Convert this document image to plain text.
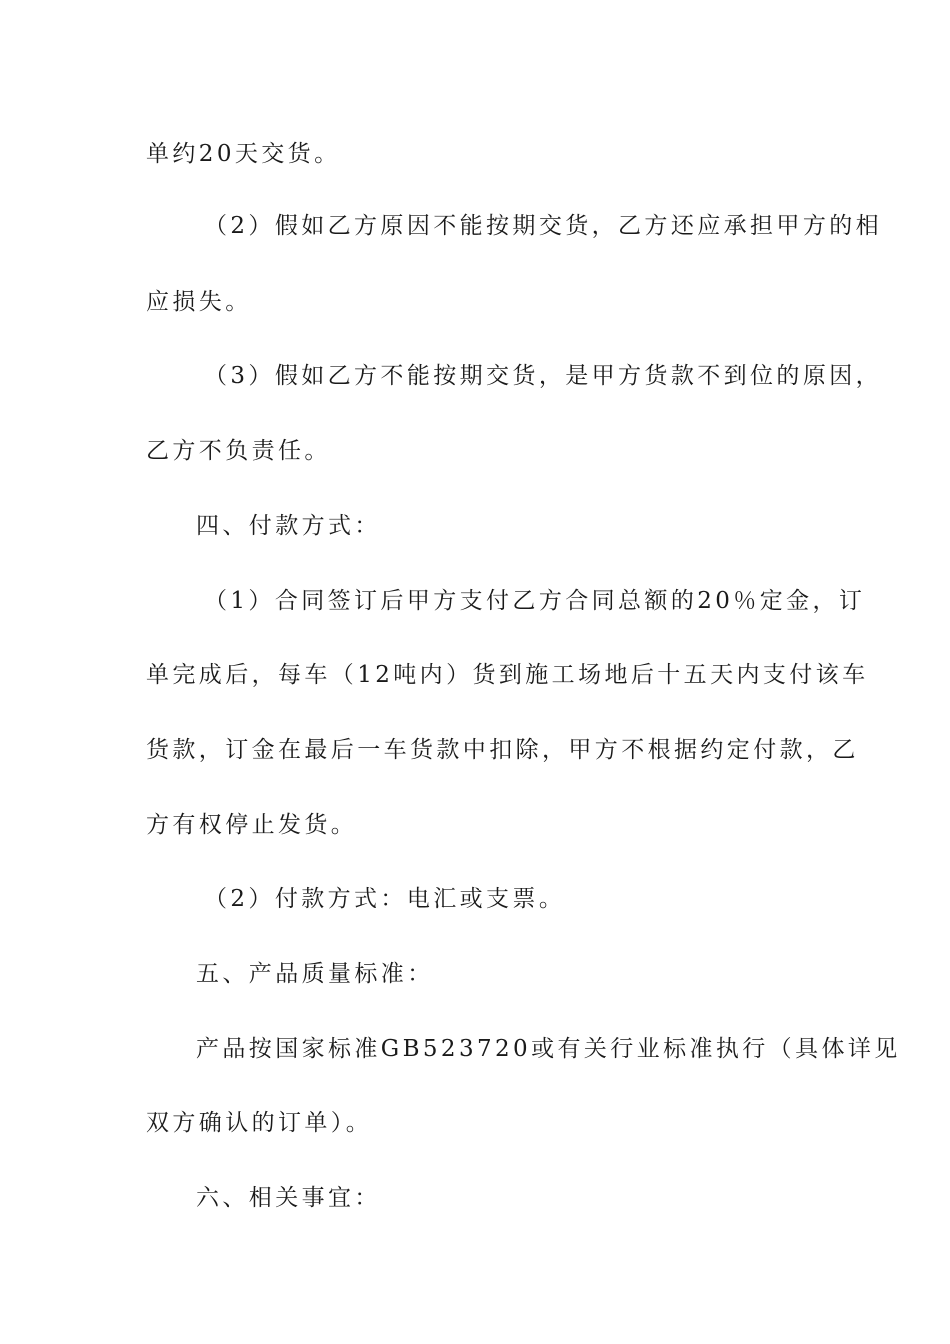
单约20天交货。
（2）假如乙方原因不能按期交货，乙方还应承担甲方的相
应损失。
（3）假如乙方不能按期交货，是甲方货款不到位的原因，
乙方不负责任。
四、付款方式：
（1）合同签订后甲方支付乙方合同总额的20％定金，订
单完成后，每车（12吨内）货到施工场地后十五天内支付该车
货款，订金在最后一车货款中扣除，甲方不根据约定付款，乙
方有权停止发货。
（2）付款方式：电汇或支票。
五、产品质量标准：
产品按国家标准GB523720或有关行业标准执行（具体详见
双方确认的订单）。
六、相关事宜：
